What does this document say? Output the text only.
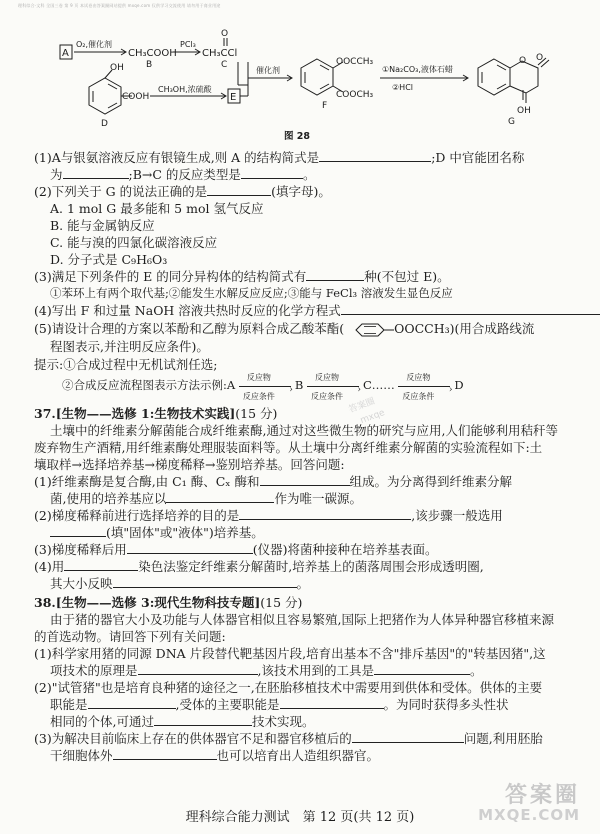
理科综合·文科 全国三卷 第 9 页 本试卷由答案圈网站提供 mxqe.com 仅供学习交流使用 请勿用于商业用途
A
O₂,催化剂
CH₃COOH
B
PCl₃
CH₃CCl
O
C
OH
COOH
D
CH₃OH,浓硫酸
E
催化剂
OOCCH₃
COOCH₃
F
①Na₂CO₃,液体石蜡
②HCl
O
O
OH
G
图 28
(1)A与银氨溶液反应有银镜生成,则 A 的结构简式是	;D 中官能团名称
为	;B→C 的反应类型是	。
(2)下列关于 G 的说法正确的是	(填字母)。
A. 1 mol G 最多能和 5 mol 氢气反应
B. 能与金属钠反应
C. 能与溴的四氯化碳溶液反应
D. 分子式是 C₉H₆O₃
(3)满足下列条件的 E 的同分异构体的结构简式有	种(不包过 E)。
①苯环上有两个取代基;②能发生水解反应反应;③能与 FeCl₃ 溶液发生显色反应
(4)写出 F 和过量 NaOH 溶液共热时反应的化学方程式
(5)请设计合理的方案以苯酚和乙醇为原料合成乙酸苯酯(	OOCCH₃)(用合成路线流
程图表示,并注明反应条件)。
提示:①合成过程中无机试剂任选;
②合成反应流程图表示方法示例:A
反应物
›
反应条件
B
反应物
›
反应条件
C……
反应物
›
反应条件
D
答案圈
mxqe
37.[生物——选修 1:生物技术实践](15 分)
土壤中的纤维素分解菌能合成纤维素酶,通过对这些微生物的研究与应用,人们能够利用秸秆等
废弃物生产酒精,用纤维素酶处理服装面料等。从土壤中分离纤维素分解菌的实验流程如下:土
壤取样→选择培养基→梯度稀释→鉴别培养基。回答问题:
(1)纤维素酶是复合酶,由 C₁ 酶、Cₓ 酶和	组成。为分离得到纤维素分解
菌,使用的培养基应以	作为唯一碳源。
(2)梯度稀释前进行选择培养的目的是	,该步骤一般选用
(填"固体"或"液体")培养基。
(3)梯度稀释后用	(仪器)将菌种接种在培养基表面。
(4)用	染色法鉴定纤维素分解菌时,培养基上的菌落周围会形成透明圈,
其大小反映	。
38.[生物——选修 3:现代生物科技专题](15 分)
由于猪的器官大小及功能与人体器官相似且容易繁殖,国际上把猪作为人体异种器官移植来源
的首选动物。请回答下列有关问题:
(1)科学家用猪的同源 DNA 片段替代靶基因片段,培育出基本不含"排斥基因"的"转基因猪",这
项技术的原理是	,该技术用到的工具是	。
(2)"试管猪"也是培育良种猪的途径之一,在胚胎移植技术中需要用到供体和受体。供体的主要
职能是	,受体的主要职能是	。为同时获得多头性状
相同的个体,可通过	技术实现。
(3)为解决目前临床上存在的供体器官不足和器官移植后的	问题,利用胚胎
干细胞体外	也可以培育出人造组织器官。
理科综合能力测试　第 12 页(共 12 页)
答案圈
MXQE.COM
